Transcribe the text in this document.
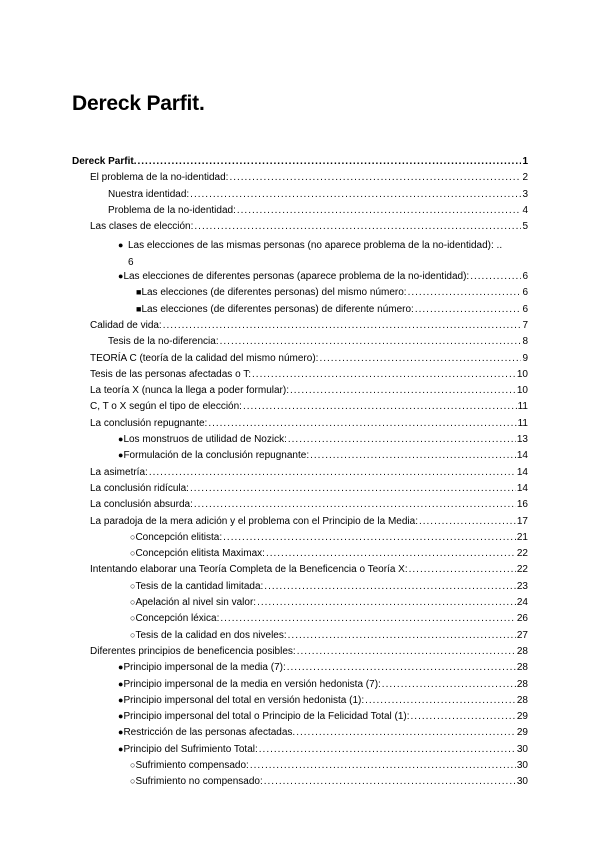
Dereck Parfit.
Dereck Parfit. .....	1
El problema de la no-identidad: .....	2
Nuestra identidad: .....	3
Problema de la no-identidad: .....	4
Las clases de elección: .....	5
● Las elecciones de las mismas personas (no aparece problema de la no-identidad): ..
6
● Las elecciones de diferentes personas (aparece problema de la no-identidad): .....	6
■ Las elecciones (de diferentes personas) del mismo número: .....	6
■ Las elecciones (de diferentes personas) de diferente número: .....	6
Calidad de vida: .....	7
Tesis de la no-diferencia: .....	8
TEORÍA C (teoría de la calidad del mismo número): .....	9
Tesis de las personas afectadas o T: .....	10
La teoría X (nunca la llega a poder formular): .....	10
C, T o X según el tipo de elección: .....	11
La conclusión repugnante: .....	11
● Los monstruos de utilidad de Nozick: .....	13
● Formulación de la conclusión repugnante: .....	14
La asimetría: .....	14
La conclusión ridícula: .....	14
La conclusión absurda: .....	16
La paradoja de la mera adición y el problema con el Principio de la Media: .....	17
○ Concepción elitista: .....	21
○ Concepción elitista Maximax: .....	22
Intentando elaborar una Teoría Completa de la Beneficencia o Teoría X: .....	22
○ Tesis de la cantidad limitada: .....	23
○ Apelación al nivel sin valor: .....	24
○ Concepción léxica: .....	26
○ Tesis de la calidad en dos niveles: .....	27
Diferentes principios de beneficencia posibles: .....	28
● Principio impersonal de la media (7): .....	28
● Principio impersonal de la media en versión hedonista (7): .....	28
● Principio impersonal del total en versión hedonista (1): .....	28
● Principio impersonal del total o Principio de la Felicidad Total (1): .....	29
● Restricción de las personas afectadas. .....	29
● Principio del Sufrimiento Total: .....	30
○ Sufrimiento compensado: .....	30
○ Sufrimiento no compensado: .....	30
